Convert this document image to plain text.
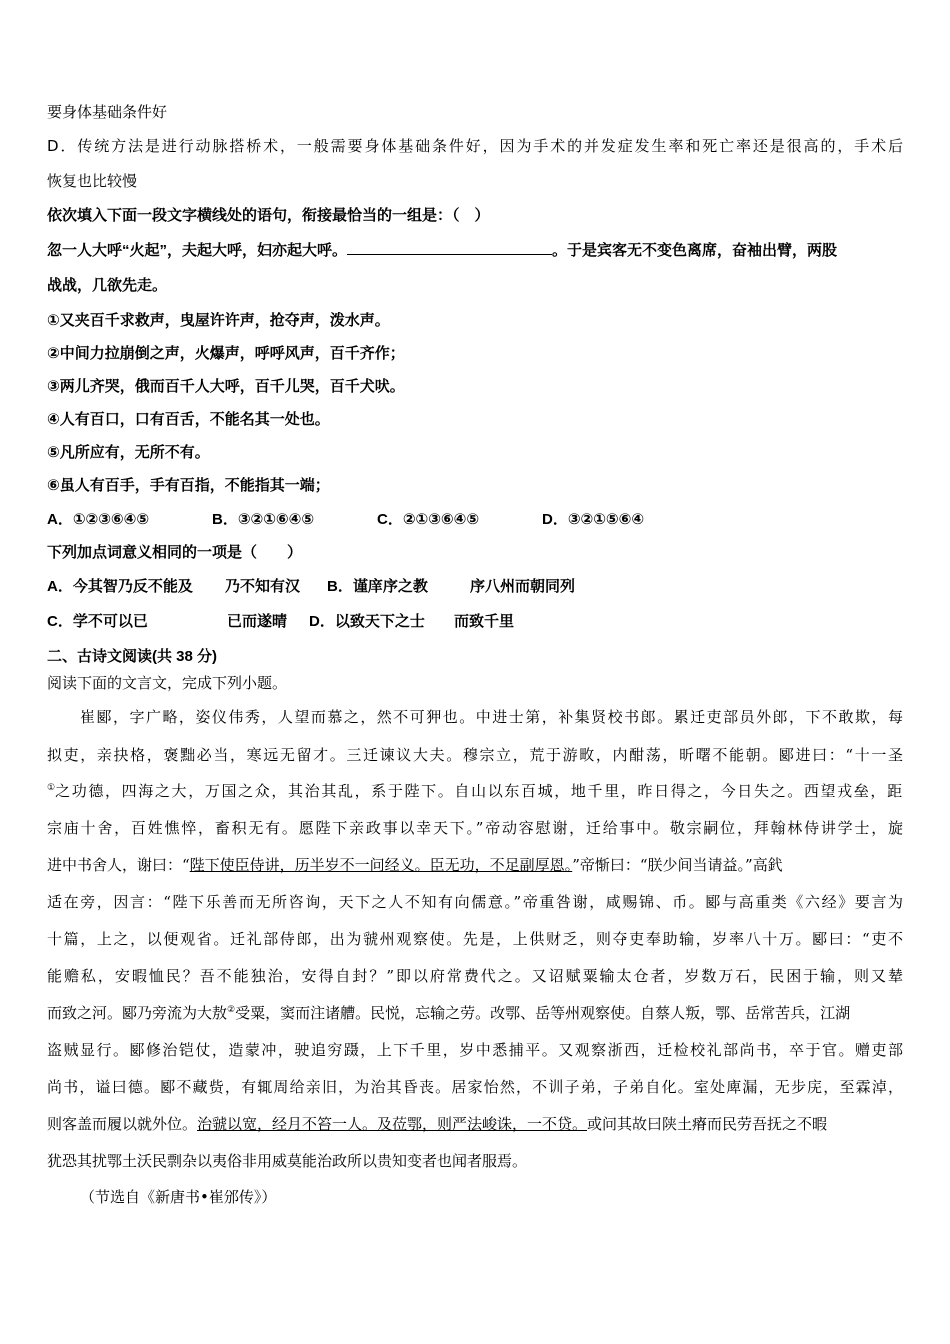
要身体基础条件好
D．传统方法是进行动脉搭桥术，一般需要身体基础条件好，因为手术的并发症发生率和死亡率还是很高的，手术后
恢复也比较慢
依次填入下面一段文字横线处的语句，衔接最恰当的一组是：（　）
忽一人大呼“火起”，夫起大呼，妇亦起大呼。	。于是宾客无不变色离席，奋袖出臂，两股
战战，几欲先走。
①又夹百千求救声，曳屋许许声，抢夺声，泼水声。
②中间力拉崩倒之声，火爆声，呼呼风声，百千齐作；
③两儿齐哭，俄而百千人大呼，百千儿哭，百千犬吠。
④人有百口，口有百舌，不能名其一处也。
⑤凡所应有，无所不有。
⑥虽人有百手，手有百指，不能指其一端；
A．①②③⑥④⑤	B．③②①⑥④⑤	C．②①③⑥④⑤	D．③②①⑤⑥④
下列加点词意义相同的一项是（　　）
A．今其智乃反不能及 乃不知有汉 B．谨庠序之教	序八州而朝同列
C．学不可以已	已而遂晴 D．以致天下之士 而致千里
二、古诗文阅读(共 38 分)
阅读下面的文言文，完成下列小题。
崔郾，字广略，姿仪伟秀，人望而慕之，然不可狎也。中进士第，补集贤校书郎。累迁吏部员外郎，下不敢欺，每
拟吏，亲抉格，褒黜必当，寒远无留才。三迁谏议大夫。穆宗立，荒于游畋，内酣荡，昕曙不能朝。郾进曰：“十一圣
①之功德，四海之大，万国之众，其治其乱，系于陛下。自山以东百城，地千里，昨日得之，今日失之。西望戎垒，距
宗庙十舍，百姓憔悴，畜积无有。愿陛下亲政事以幸天下。”帝动容慰谢，迁给事中。敬宗嗣位，拜翰林侍讲学士，旋
进中书舍人，谢曰：“陛下使臣侍讲，历半岁不一问经义。臣无功，不足副厚恩。”帝惭曰：“朕少间当请益。”高釴
适在旁，因言：“陛下乐善而无所咨询，天下之人不知有向儒意。”帝重咎谢，咸赐锦、币。郾与高重类《六经》要言为
十篇，上之，以便观省。迁礼部侍郎，出为虢州观察使。先是，上供财乏，则夺吏奉助输，岁率八十万。郾曰：“吏不
能赡私，安暇恤民？吾不能独治，安得自封？”即以府常费代之。又诏赋粟输太仓者，岁数万石，民困于输，则又辇
而致之河。郾乃旁流为大敖②受粟，窦而注诸艚。民悦，忘输之劳。改鄂、岳等州观察使。自蔡人叛，鄂、岳常苦兵，江湖
盗贼显行。郾修治铠仗，造蒙冲，驶追穷蹑，上下千里，岁中悉捕平。又观察浙西，迁检校礼部尚书，卒于官。赠吏部
尚书，谥曰德。郾不藏赀，有辄周给亲旧，为治其昏丧。居家怡然，不训子弟，子弟自化。室处庳漏，无步庑，至霖淖，
则客盖而履以就外位。治虢以宽，经月不笞一人。及莅鄂，则严法峻诛，一不贷。或问其故曰陕土瘠而民劳吾抚之不暇
犹恐其扰鄂土沃民剽杂以夷俗非用威莫能治政所以贵知变者也闻者服焉。
（节选自《新唐书•崔邠传》）
